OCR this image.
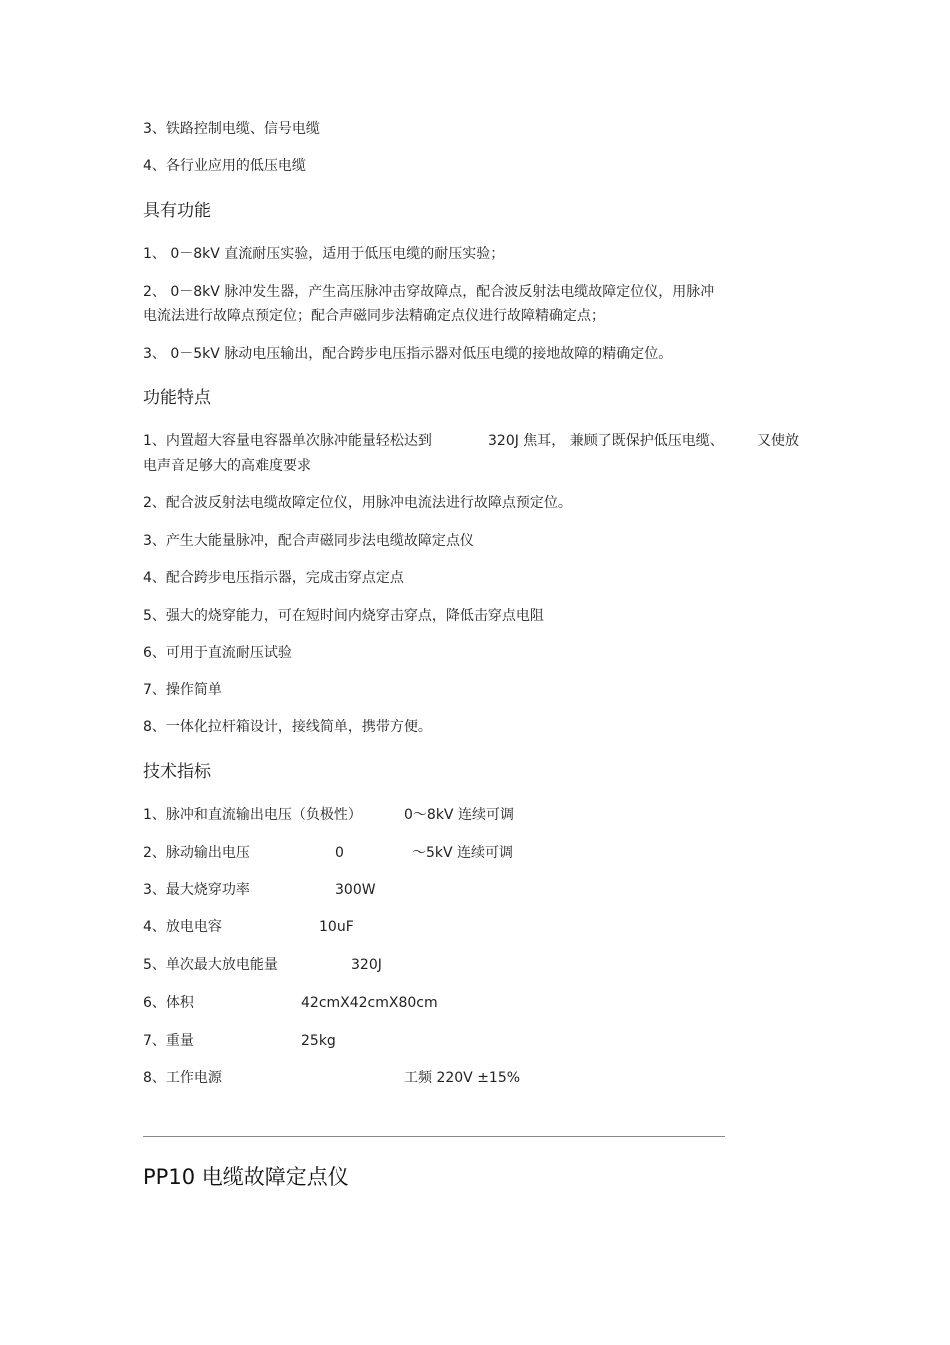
3、铁路控制电缆、信号电缆
4、各行业应用的低压电缆
具有功能
1、 0－8kV 直流耐压实验，适用于低压电缆的耐压实验；
2、 0－8kV 脉冲发生器，产生高压脉冲击穿故障点，配合波反射法电缆故障定位仪，用脉冲
电流法进行故障点预定位；配合声磁同步法精确定点仪进行故障精确定点；
3、 0－5kV 脉动电压输出，配合跨步电压指示器对低压电缆的接地故障的精确定位。
功能特点
1、内置超大容量电容器单次脉冲能量轻松达到	320J 焦耳， 兼顾了既保护低压电缆、 又使放
电声音足够大的高难度要求
2、配合波反射法电缆故障定位仪，用脉冲电流法进行故障点预定位。
3、产生大能量脉冲，配合声磁同步法电缆故障定点仪
4、配合跨步电压指示器，完成击穿点定点
5、强大的烧穿能力，可在短时间内烧穿击穿点，降低击穿点电阻
6、可用于直流耐压试验
7、操作简单
8、一体化拉杆箱设计，接线简单，携带方便。
技术指标
1、脉冲和直流输出电压（负极性）	0～8kV 连续可调
2、脉动输出电压	0	～5kV 连续可调
3、最大烧穿功率	300W
4、放电电容	10uF
5、单次最大放电能量	320J
6、体积	42cmX42cmX80cm
7、重量	25kg
8、工作电源	工频 220V ±15%
PP10 电缆故障定点仪
